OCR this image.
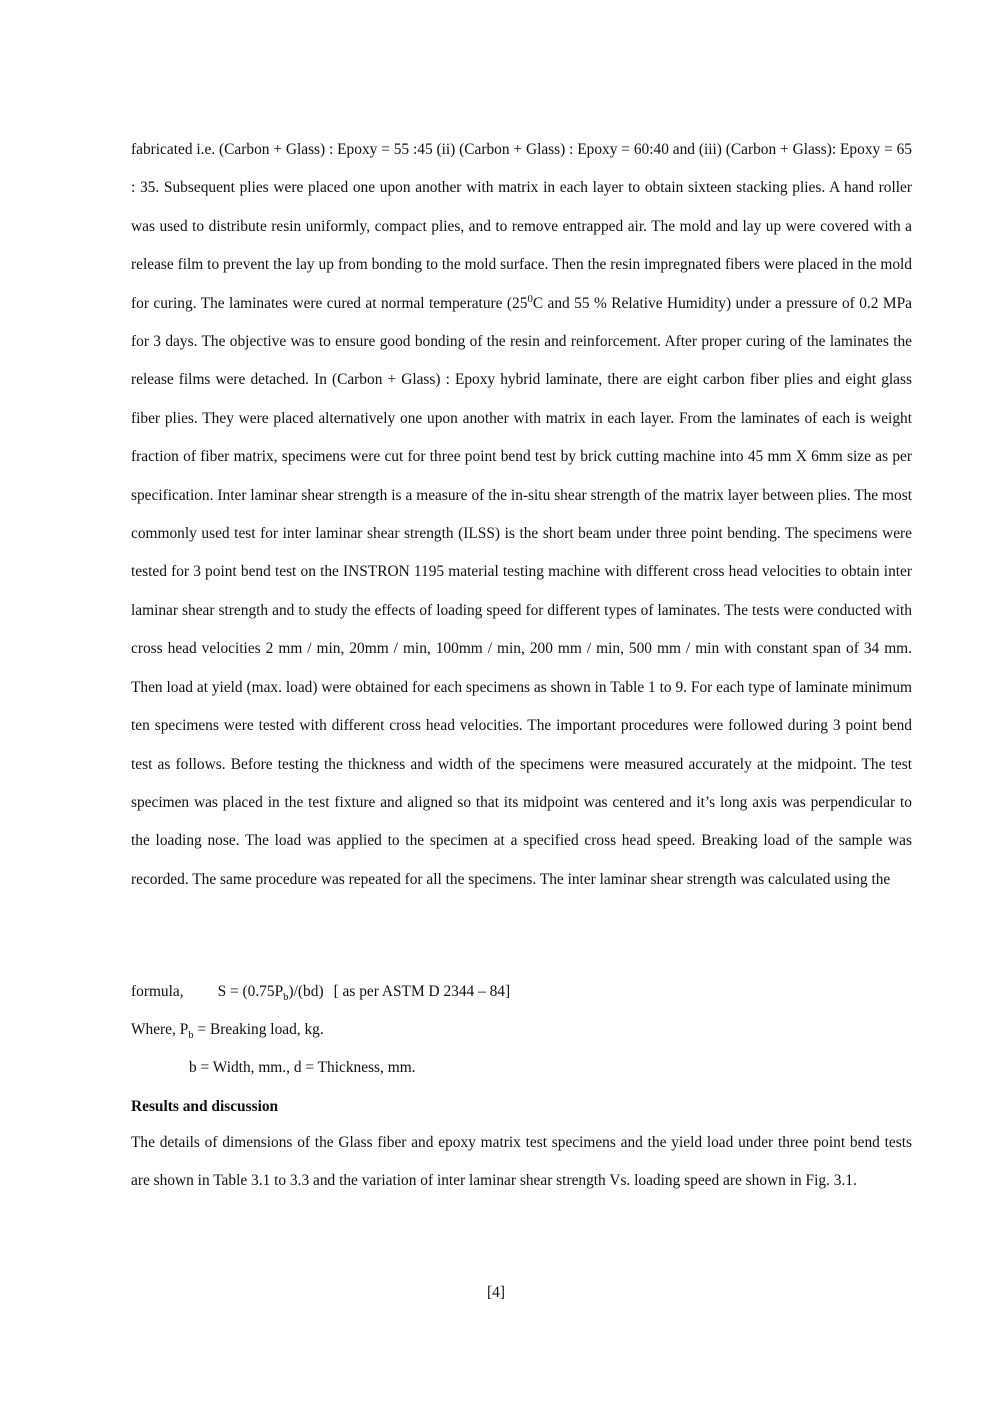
fabricated i.e. (Carbon + Glass) : Epoxy = 55 :45 (ii) (Carbon + Glass) : Epoxy = 60:40 and (iii) (Carbon + Glass): Epoxy = 65 : 35. Subsequent plies were placed one upon another with matrix in each layer to obtain sixteen stacking plies. A hand roller was used to distribute resin uniformly, compact plies, and to remove entrapped air. The mold and lay up were covered with a release film to prevent the lay up from bonding to the mold surface. Then the resin impregnated fibers were placed in the mold for curing. The laminates were cured at normal temperature ($25^0C$ and 55 % Relative Humidity) under a pressure of 0.2 MPa for 3 days. The objective was to ensure good bonding of the resin and reinforcement. After proper curing of the laminates the release films were detached. In (Carbon + Glass) : Epoxy hybrid laminate, there are eight carbon fiber plies and eight glass fiber plies. They were placed alternatively one upon another with matrix in each layer. From the laminates of each is weight fraction of fiber matrix, specimens were cut for three point bend test by brick cutting machine into 45 mm X 6mm size as per specification. Inter laminar shear strength is a measure of the in-situ shear strength of the matrix layer between plies. The most commonly used test for inter laminar shear strength (ILSS) is the short beam under three point bending. The specimens were tested for 3 point bend test on the INSTRON 1195 material testing machine with different cross head velocities to obtain inter laminar shear strength and to study the effects of loading speed for different types of laminates. The tests were conducted with cross head velocities 2 mm / min, 20mm / min, 100mm / min, 200 mm / min, 500 mm / min with constant span of 34 mm. Then load at yield (max. load) were obtained for each specimens as shown in Table 1 to 9. For each type of laminate minimum ten specimens were tested with different cross head velocities. The important procedures were followed during 3 point bend test as follows. Before testing the thickness and width of the specimens were measured accurately at the midpoint. The test specimen was placed in the test fixture and aligned so that its midpoint was centered and it’s long axis was perpendicular to the loading nose. The load was applied to the specimen at a specified cross head speed. Breaking load of the sample was recorded. The same procedure was repeated for all the specimens. The inter laminar shear strength was calculated using the

formula, $S = (0.75P_b)/(bd)$ [ as per ASTM D 2344 – 84]

Where, $P_b$ = Breaking load, kg.

b = Width, mm., d = Thickness, mm.

Results and discussion

The details of dimensions of the Glass fiber and epoxy matrix test specimens and the yield load under three point bend tests are shown in Table 3.1 to 3.3 and the variation of inter laminar shear strength Vs. loading speed are shown in Fig. 3.1.

[4]
